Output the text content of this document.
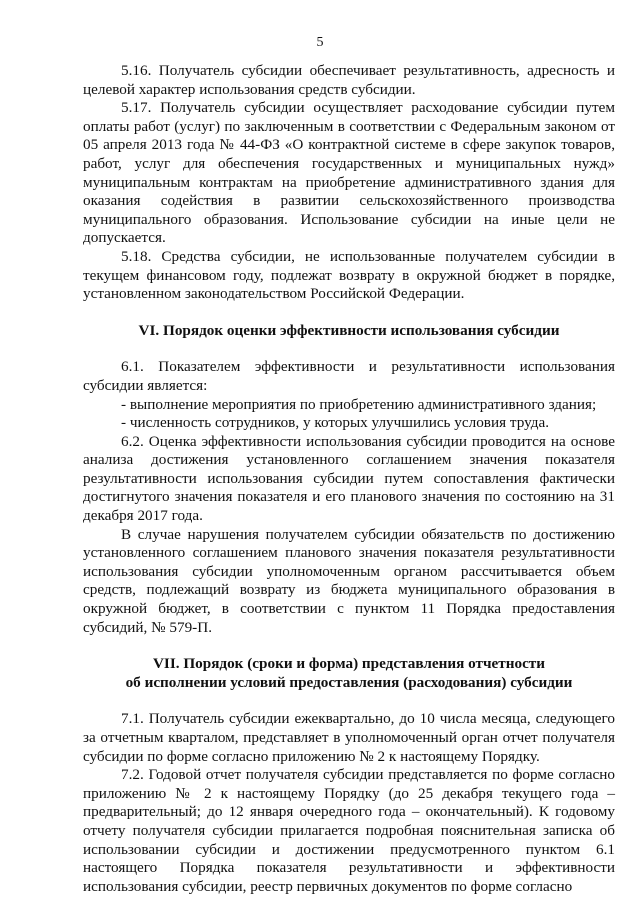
5

5.16. Получатель субсидии обеспечивает результативность, адресность и целевой характер использования средств субсидии.

5.17. Получатель субсидии осуществляет расходование субсидии путем оплаты работ (услуг) по заключенным в соответствии с Федеральным законом от 05 апреля 2013 года № 44-ФЗ «О контрактной системе в сфере закупок товаров, работ, услуг для обеспечения государственных и муниципальных нужд» муниципальным контрактам на приобретение административного здания для оказания содействия в развитии сельскохозяйственного производства муниципального образования. Использование субсидии на иные цели не допускается.

5.18. Средства субсидии, не использованные получателем субсидии в текущем финансовом году, подлежат возврату в окружной бюджет в порядке, установленном законодательством Российской Федерации.

VI. Порядок оценки эффективности использования субсидии

6.1. Показателем эффективности и результативности использования субсидии является:

- выполнение мероприятия по приобретению административного здания;

- численность сотрудников, у которых улучшились условия труда.

6.2. Оценка эффективности использования субсидии проводится на основе анализа достижения установленного соглашением значения показателя результативности использования субсидии путем сопоставления фактически достигнутого значения показателя и его планового значения по состоянию на 31 декабря 2017 года.

В случае нарушения получателем субсидии обязательств по достижению установленного соглашением планового значения показателя результативности использования субсидии уполномоченным органом рассчитывается объем средств, подлежащий возврату из бюджета муниципального образования в окружной бюджет, в соответствии с пунктом 11 Порядка предоставления субсидий, № 579-П.

VII. Порядок (сроки и форма) представления отчетности
об исполнении условий предоставления (расходования) субсидии

7.1. Получатель субсидии ежеквартально, до 10 числа месяца, следующего за отчетным кварталом, представляет в уполномоченный орган отчет получателя субсидии по форме согласно приложению № 2 к настоящему Порядку.

7.2. Годовой отчет получателя субсидии представляется по форме согласно приложению № 2 к настоящему Порядку (до 25 декабря текущего года – предварительный; до 12 января очередного года – окончательный). К годовому отчету получателя субсидии прилагается подробная пояснительная записка об использовании субсидии и достижении предусмотренного пунктом 6.1 настоящего Порядка показателя результативности и эффективности использования субсидии, реестр первичных документов по форме согласно
